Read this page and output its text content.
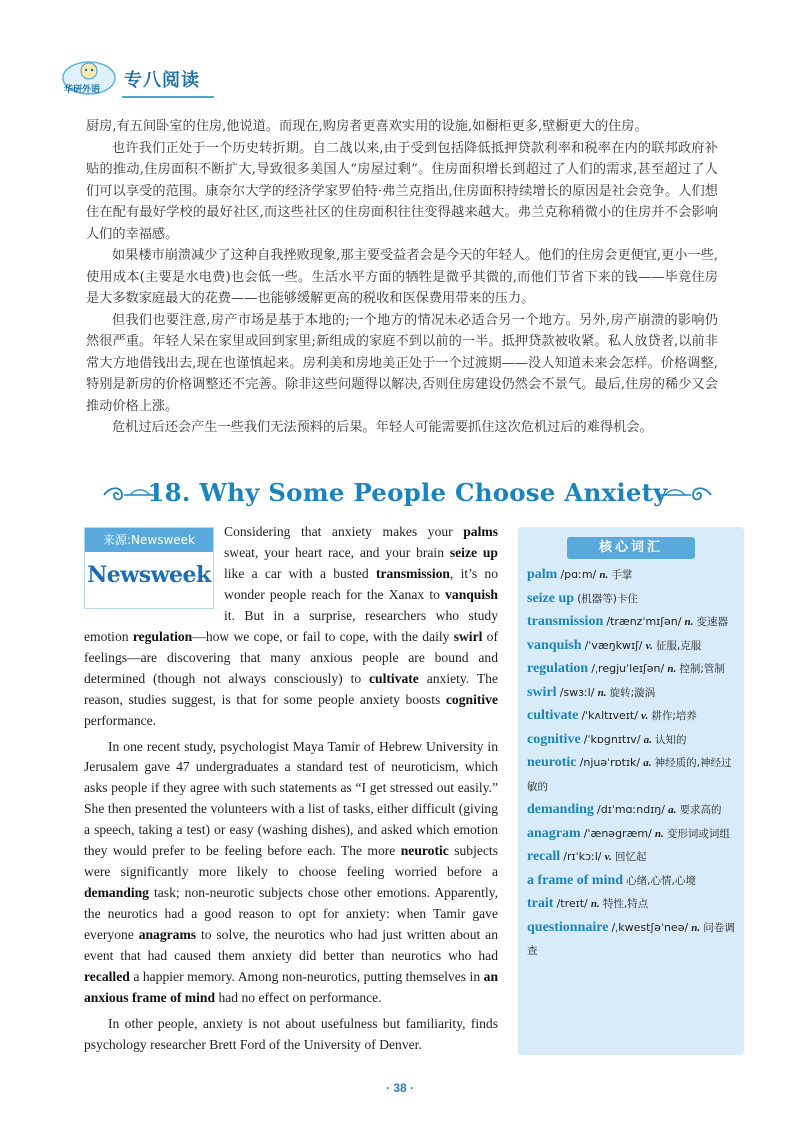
华研外语 专八阅读

厨房,有五间卧室的住房,他说道。而现在,购房者更喜欢实用的设施,如橱柜更多,壁橱更大的住房。

也许我们正处于一个历史转折期。自二战以来,由于受到包括降低抵押贷款利率和税率在内的联邦政府补贴的推动,住房面积不断扩大,导致很多美国人“房屋过剩”。住房面积增长到超过了人们的需求,甚至超过了人们可以享受的范围。康奈尔大学的经济学家罗伯特·弗兰克指出,住房面积持续增长的原因是社会竞争。人们想住在配有最好学校的最好社区,而这些社区的住房面积往往变得越来越大。弗兰克称稍微小的住房并不会影响人们的幸福感。

如果楼市崩溃减少了这种自我挫败现象,那主要受益者会是今天的年轻人。他们的住房会更便宜,更小一些,使用成本(主要是水电费)也会低一些。生活水平方面的牺牲是微乎其微的,而他们节省下来的钱——毕竟住房是大多数家庭最大的花费——也能够缓解更高的税收和医保费用带来的压力。

但我们也要注意,房产市场是基于本地的;一个地方的情况未必适合另一个地方。另外,房产崩溃的影响仍然很严重。年轻人呆在家里或回到家里;新组成的家庭不到以前的一半。抵押贷款被收紧。私人放贷者,以前非常大方地借钱出去,现在也谨慎起来。房利美和房地美正处于一个过渡期——没人知道未来会怎样。价格调整,特别是新房的价格调整还不完善。除非这些问题得以解决,否则住房建设仍然会不景气。最后,住房的稀少又会推动价格上涨。

危机过后还会产生一些我们无法预料的后果。年轻人可能需要抓住这次危机过后的难得机会。

18. Why Some People Choose Anxiety
来源:Newsweek
Newsweek

Considering that anxiety makes your palms sweat, your heart race, and your brain seize up like a car with a busted transmission, it’s no wonder people reach for the Xanax to vanquish it. But in a surprise, researchers who study emotion regulation—how we cope, or fail to cope, with the daily swirl of feelings—are discovering that many anxious people are bound and determined (though not always consciously) to cultivate anxiety. The reason, studies suggest, is that for some people anxiety boosts cognitive performance.

In one recent study, psychologist Maya Tamir of Hebrew University in Jerusalem gave 47 undergraduates a standard test of neuroticism, which asks people if they agree with such statements as “I get stressed out easily.” She then presented the volunteers with a list of tasks, either difficult (giving a speech, taking a test) or easy (washing dishes), and asked which emotion they would prefer to be feeling before each. The more neurotic subjects were significantly more likely to choose feeling worried before a demanding task; non-neurotic subjects chose other emotions. Apparently, the neurotics had a good reason to opt for anxiety: when Tamir gave everyone anagrams to solve, the neurotics who had just written about an event that had caused them anxiety did better than neurotics who had recalled a happier memory. Among non-neurotics, putting themselves in an anxious frame of mind had no effect on performance.

In other people, anxiety is not about usefulness but familiarity, finds psychology researcher Brett Ford of the University of Denver.

核心词汇

palm /pɑːm/ n. 手掌

seize up (机器等)卡住

transmission /trænzˈmɪʃən/ n. 变速器

vanquish /ˈvæŋkwɪʃ/ v. 征服,克服

regulation /ˌregjuˈleɪʃən/ n. 控制;管制

swirl /swɜːl/ n. 旋转;漩涡

cultivate /ˈkʌltɪveɪt/ v. 耕作;培养

cognitive /ˈkɒgnɪtɪv/ a. 认知的

neurotic /njuəˈrɒtɪk/ a. 神经质的,神经过敏的

demanding /dɪˈmɑːndɪŋ/ a. 要求高的

anagram /ˈænəgræm/ n. 变形词或词组

recall /rɪˈkɔːl/ v. 回忆起

a frame of mind 心绪,心情,心境

trait /treɪt/ n. 特性,特点

questionnaire /ˌkwestʃəˈneə/ n. 问卷调查

· 38 ·
